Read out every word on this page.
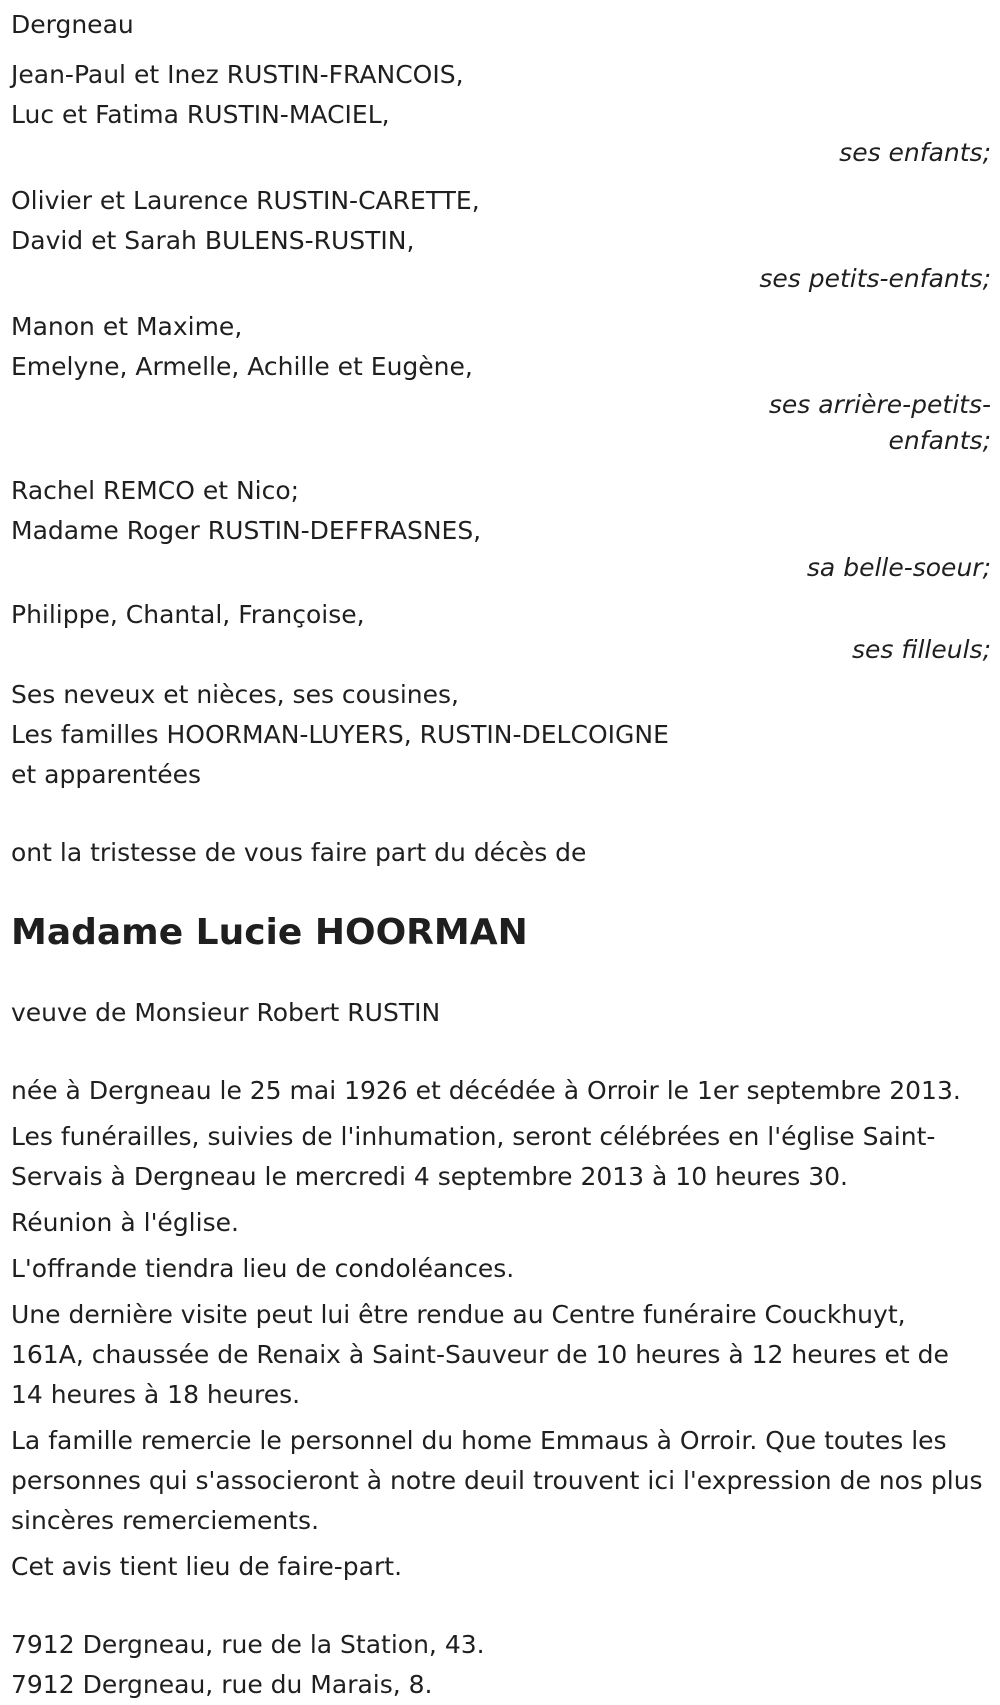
Dergneau
Jean-Paul et Inez RUSTIN-FRANCOIS,
Luc et Fatima RUSTIN-MACIEL,
ses enfants;
Olivier et Laurence RUSTIN-CARETTE,
David et Sarah BULENS-RUSTIN,
ses petits-enfants;
Manon et Maxime,
Emelyne, Armelle, Achille et Eugène,
ses arrière-petits-
enfants;
Rachel REMCO et Nico;
Madame Roger RUSTIN-DEFFRASNES,
sa belle-soeur;
Philippe, Chantal, Françoise,
ses filleuls;
Ses neveux et nièces, ses cousines,
Les familles HOORMAN-LUYERS, RUSTIN-DELCOIGNE
et apparentées
ont la tristesse de vous faire part du décès de
Madame Lucie HOORMAN
veuve de Monsieur Robert RUSTIN
née à Dergneau le 25 mai 1926 et décédée à Orroir le 1er septembre 2013.
Les funérailles, suivies de l'inhumation, seront célébrées en l'église Saint-Servais à Dergneau le mercredi 4 septembre 2013 à 10 heures 30.
Réunion à l'église.
L'offrande tiendra lieu de condoléances.
Une dernière visite peut lui être rendue au Centre funéraire Couckhuyt, 161A, chaussée de Renaix à Saint-Sauveur de 10 heures à 12 heures et de 14 heures à 18 heures.
La famille remercie le personnel du home Emmaus à Orroir. Que toutes les personnes qui s'associeront à notre deuil trouvent ici l'expression de nos plus sincères remerciements.
Cet avis tient lieu de faire-part.
7912 Dergneau, rue de la Station, 43.
7912 Dergneau, rue du Marais, 8.
